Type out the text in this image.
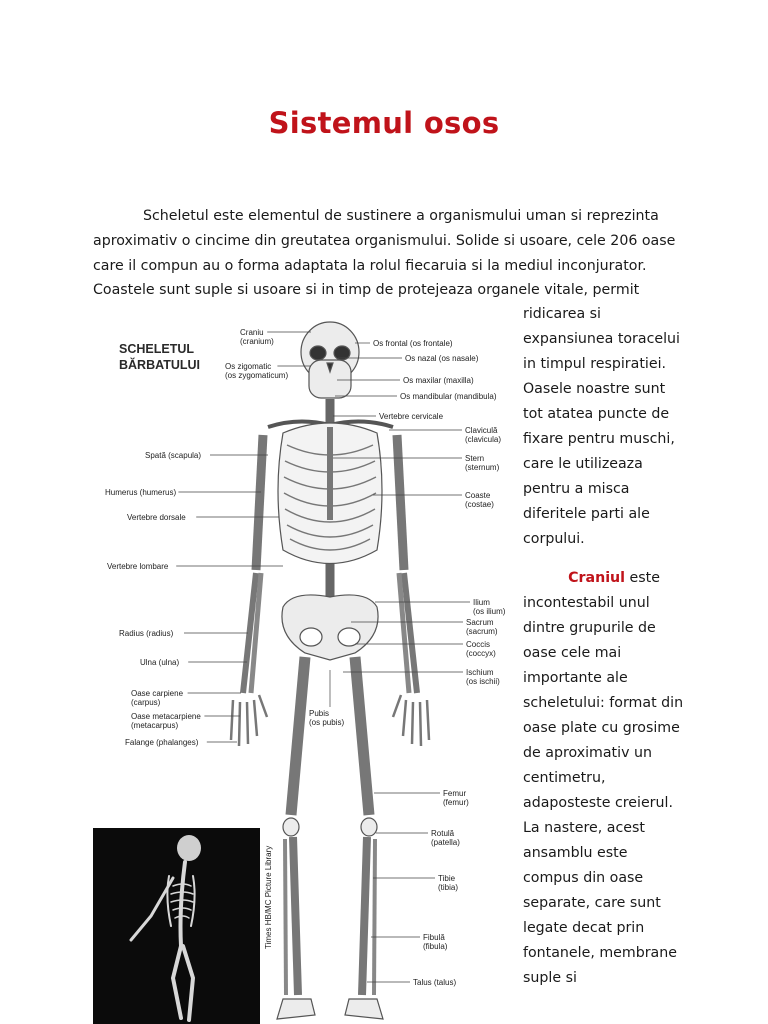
Sistemul osos

Scheletul este elementul de sustinere a organismului uman si reprezinta aproximativ o cincime din greutatea organismului. Solide si usoare, cele 206 oase care il compun au o forma adaptata la rolul fiecaruia si la mediul inconjurator. Coastele sunt suple si usoare si in timp de protejeaza organele vitale, permit

ridicarea si
expansiunea toracelui
in timpul respiratiei.
Oasele noastre sunt
tot atatea puncte de
fixare pentru muschi,
care le utilizeaza
pentru a misca
diferitele parti ale
corpului.
Craniul este
incontestabil unul
dintre grupurile de
oase cele mai
importante ale
scheletului: format din
oase plate cu grosime
de aproximativ un
centimetru,
adaposteste creierul.
La nastere, acest
ansamblu este
compus din oase
separate, care sunt
legate decat prin
fontanele, membrane
suple si
SCHELETUL
BĂRBATULUI
Times HB/MC Picture Library
Craniu
(cranium)
Os zigomatic
(os zygomaticum)
Spată (scapula)
Humerus (humerus)
Vertebre dorsale
Vertebre lombare
Radius (radius)
Ulna (ulna)
Oase carpiene
(carpus)
Oase metacarpiene
(metacarpus)
Falange (phalanges)
Os frontal (os frontale)
Os nazal (os nasale)
Os maxilar (maxilla)
Os mandibular (mandibula)
Vertebre cervicale
Claviculă
(clavicula)
Stern
(sternum)
Coaste
(costae)
Ilium
(os ilium)
Sacrum
(sacrum)
Coccis
(coccyx)
Ischium
(os ischii)
Pubis
(os pubis)
Femur
(femur)
Rotulă
(patella)
Tibie
(tibia)
Fibulă
(fibula)
Talus (talus)
